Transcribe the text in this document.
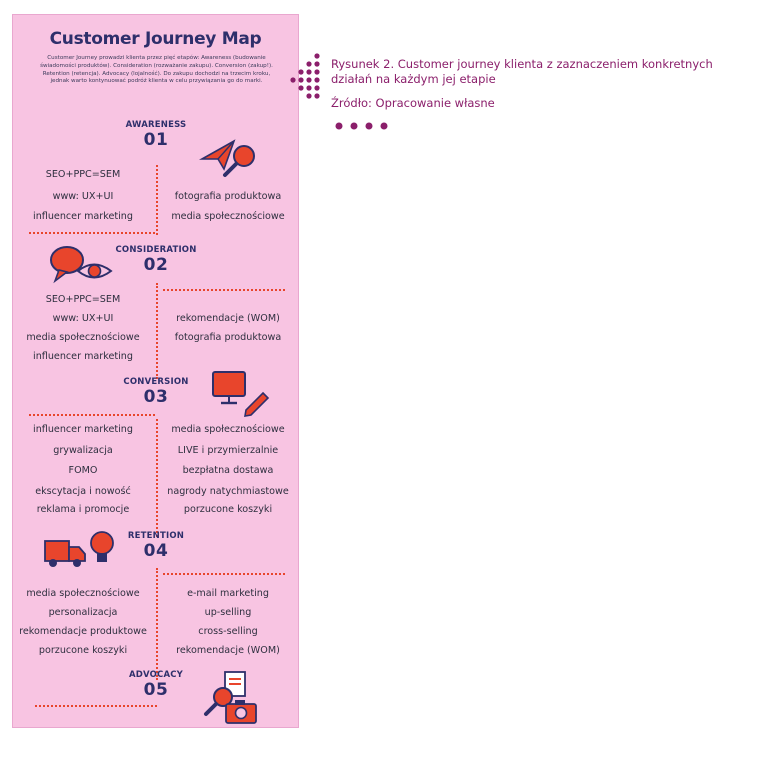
Customer Journey Map
Customer Journey prowadzi klienta przez pięć etapów: Awareness (budowanie świadomości produktów). Consideration (rozważanie zakupu). Conversion (zakup!). Retention (retencja). Advocacy (lojalność). Do zakupu dochodzi na trzecim kroku, jednak warto kontynuować podróż klienta w celu przywiązania go do marki.
AWARENESS
01
SEO+PPC=SEM
www: UX+UI
influencer marketing
fotografia produktowa
media społecznościowe
CONSIDERATION
02
SEO+PPC=SEM
www: UX+UI
media społecznościowe
influencer marketing
rekomendacje (WOM)
fotografia produktowa
CONVERSION
03
influencer marketing
grywalizacja
FOMO
ekscytacja i nowość
reklama i promocje
media społecznościowe
LIVE i przymierzalnie
bezpłatna dostawa
nagrody natychmiastowe
porzucone koszyki
RETENTION
04
media społecznościowe
personalizacja
rekomendacje produktowe
porzucone koszyki
e-mail marketing
up-selling
cross-selling
rekomendacje (WOM)
ADVOCACY
05
Rysunek 2. Customer journey klienta z zaznaczeniem konkretnych działań na każdym jej etapie
Źródło: Opracowanie własne
